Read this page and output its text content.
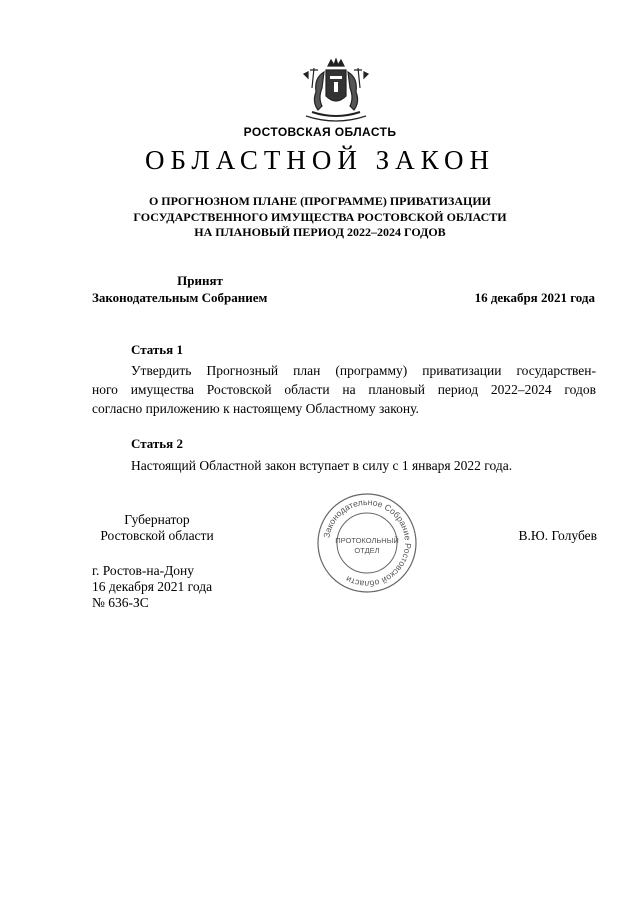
РОСТОВСКАЯ ОБЛАСТЬ
ОБЛАСТНОЙ ЗАКОН
О ПРОГНОЗНОМ ПЛАНЕ (ПРОГРАММЕ) ПРИВАТИЗАЦИИ
ГОСУДАРСТВЕННОГО ИМУЩЕСТВА РОСТОВСКОЙ ОБЛАСТИ
НА ПЛАНОВЫЙ ПЕРИОД 2022–2024 ГОДОВ
Принят
Законодательным Собранием	16 декабря 2021 года
Статья 1
Утвердить Прогнозный план (программу) приватизации государствен-
ного имущества Ростовской области на плановый период 2022–2024 годов
согласно приложению к настоящему Областному закону.
Статья 2
Настоящий Областной закон вступает в силу с 1 января 2022 года.
Губернатор
Ростовской области	В.Ю. Голубев
Законодательное Собрание Ростовской области
ПРОТОКОЛЬНЫЙ
ОТДЕЛ
г. Ростов-на-Дону
16 декабря 2021 года
№ 636-ЗС
